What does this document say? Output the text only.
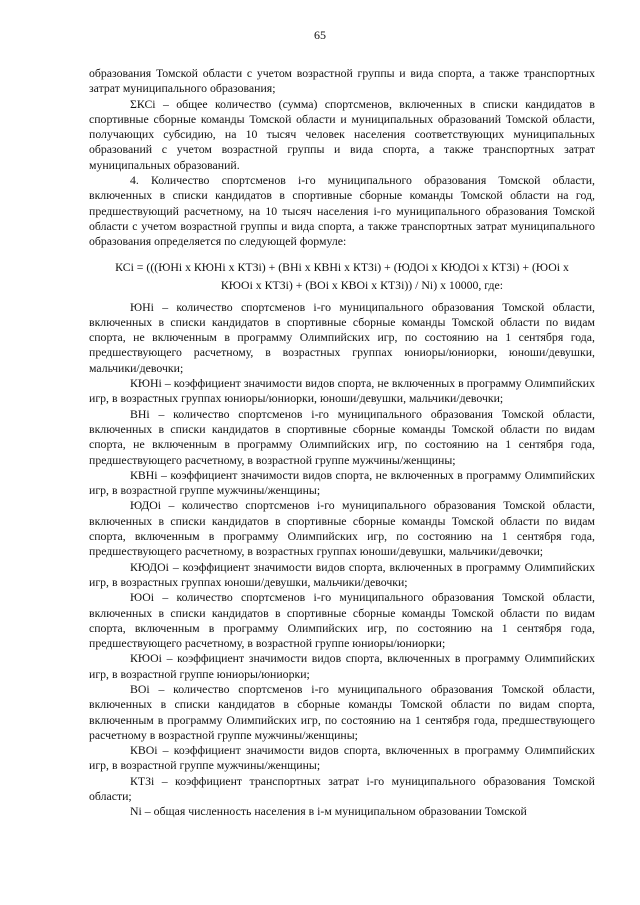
65

образования Томской области с учетом возрастной группы и вида спорта, а также транспортных затрат муниципального образования;

ΣКСi – общее количество (сумма) спортсменов, включенных в списки кандидатов в спортивные сборные команды Томской области и муниципальных образований Томской области, получающих субсидию, на 10 тысяч человек населения соответствующих муниципальных образований с учетом возрастной группы и вида спорта, а также транспортных затрат муниципальных образований.

4. Количество спортсменов i-го муниципального образования Томской области, включенных в списки кандидатов в спортивные сборные команды Томской области на год, предшествующий расчетному, на 10 тысяч населения i-го муниципального образования Томской области с учетом возрастной группы и вида спорта, а также транспортных затрат муниципального образования определяется по следующей формуле:

КСi = (((ЮНi х КЮНi х КТЗi) + (ВНi х КВНi х КТЗi) + (ЮДОi х КЮДОi х КТЗi) + (ЮОi х
КЮОi х КТЗi) + (ВОi х КВОi х КТЗi)) / Ni) х 10000, где:

ЮНi – количество спортсменов i-го муниципального образования Томской области, включенных в списки кандидатов в спортивные сборные команды Томской области по видам спорта, не включенным в программу Олимпийских игр, по состоянию на 1 сентября года, предшествующего расчетному, в возрастных группах юниоры/юниорки, юноши/девушки, мальчики/девочки;

КЮНi – коэффициент значимости видов спорта, не включенных в программу Олимпийских игр, в возрастных группах юниоры/юниорки, юноши/девушки, мальчики/девочки;

ВНi – количество спортсменов i-го муниципального образования Томской области, включенных в списки кандидатов в спортивные сборные команды Томской области по видам спорта, не включенным в программу Олимпийских игр, по состоянию на 1 сентября года, предшествующего расчетному, в возрастной группе мужчины/женщины;

КВНi – коэффициент значимости видов спорта, не включенных в программу Олимпийских игр, в возрастной группе мужчины/женщины;

ЮДОi – количество спортсменов i-го муниципального образования Томской области, включенных в списки кандидатов в спортивные сборные команды Томской области по видам спорта, включенным в программу Олимпийских игр, по состоянию на 1 сентября года, предшествующего расчетному, в возрастных группах юноши/девушки, мальчики/девочки;

КЮДОi – коэффициент значимости видов спорта, включенных в программу Олимпийских игр, в возрастных группах юноши/девушки, мальчики/девочки;

ЮОi – количество спортсменов i-го муниципального образования Томской области, включенных в списки кандидатов в спортивные сборные команды Томской области по видам спорта, включенным в программу Олимпийских игр, по состоянию на 1 сентября года, предшествующего расчетному, в возрастной группе юниоры/юниорки;

КЮОi – коэффициент значимости видов спорта, включенных в программу Олимпийских игр, в возрастной группе юниоры/юниорки;

ВОi – количество спортсменов i-го муниципального образования Томской области, включенных в списки кандидатов в сборные команды Томской области по видам спорта, включенным в программу Олимпийских игр, по состоянию на 1 сентября года, предшествующего расчетному в возрастной группе мужчины/женщины;

КВОi – коэффициент значимости видов спорта, включенных в программу Олимпийских игр, в возрастной группе мужчины/женщины;

КТЗi – коэффициент транспортных затрат i-го муниципального образования Томской области;

Ni – общая численность населения в i-м муниципальном образовании Томской
